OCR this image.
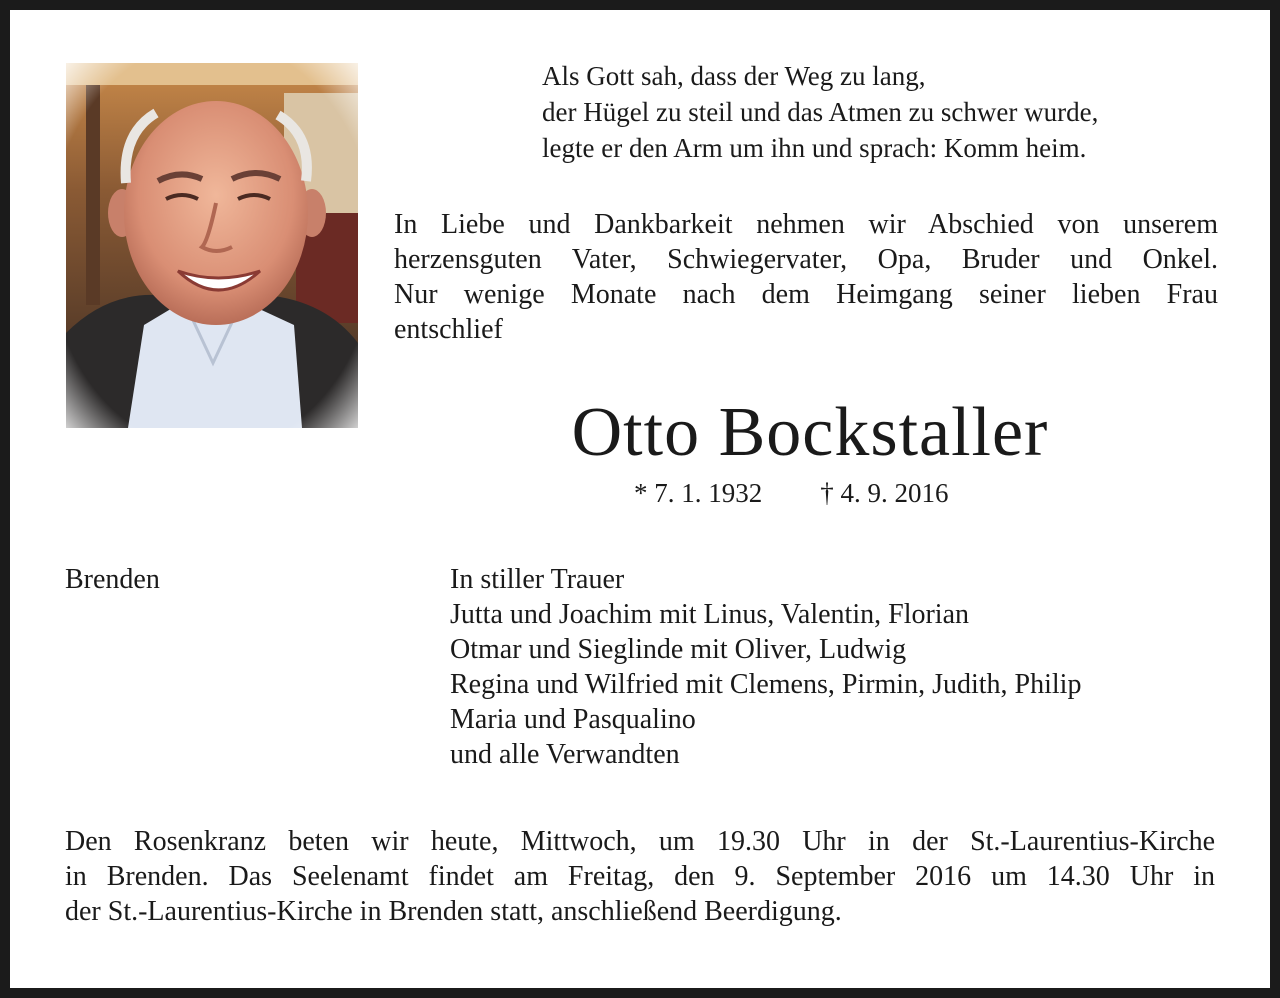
Als Gott sah, dass der Weg zu lang,
der Hügel zu steil und das Atmen zu schwer wurde,
legte er den Arm um ihn und sprach: Komm heim.
In Liebe und Dankbarkeit nehmen wir Abschied von unserem
herzensguten Vater, Schwiegervater, Opa, Bruder und Onkel.
Nur wenige Monate nach dem Heimgang seiner lieben Frau
entschlief
Otto Bockstaller
* 7. 1. 1932 † 4. 9. 2016
Brenden	In stiller Trauer
Jutta und Joachim mit Linus, Valentin, Florian
Otmar und Sieglinde mit Oliver, Ludwig
Regina und Wilfried mit Clemens, Pirmin, Judith, Philip
Maria und Pasqualino
und alle Verwandten
Den Rosenkranz beten wir heute, Mittwoch, um 19.30 Uhr in der St.-Laurentius-Kirche
in Brenden. Das Seelenamt findet am Freitag, den 9. September 2016 um 14.30 Uhr in
der St.-Laurentius-Kirche in Brenden statt, anschließend Beerdigung.
